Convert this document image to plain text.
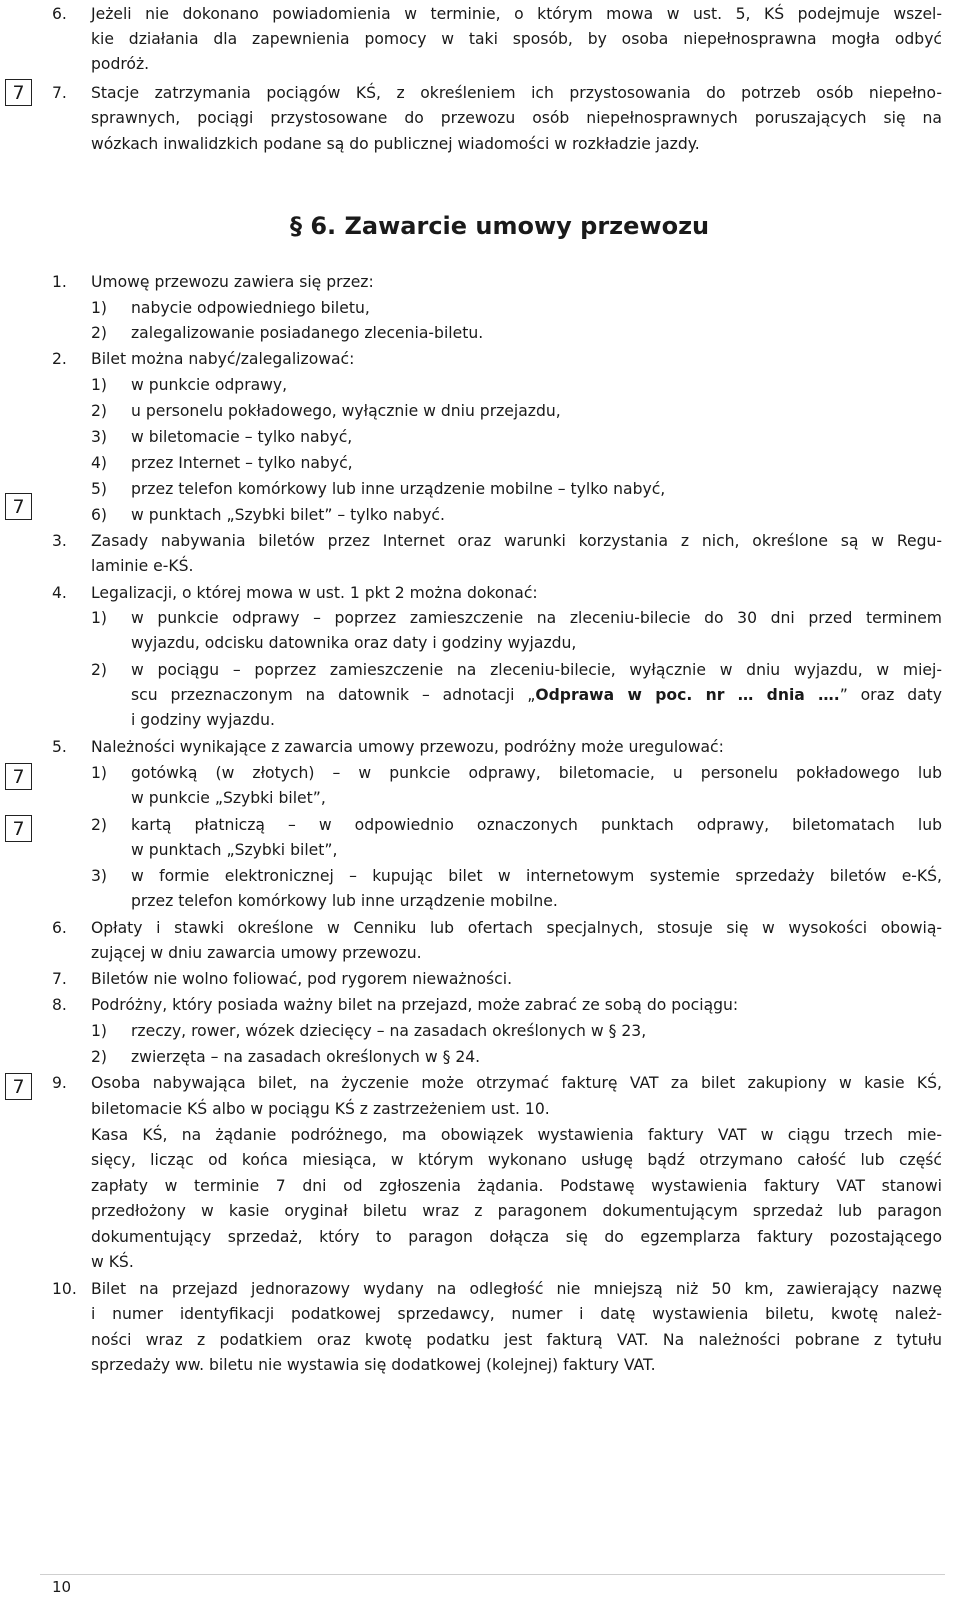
7
7
7
7
7
6. Jeżeli nie dokonano powiadomienia w terminie, o którym mowa w ust. 5, KŚ podejmuje wszel-
kie działania dla zapewnienia pomocy w taki sposób, by osoba niepełnosprawna mogła odbyć
podróż.
7. Stacje zatrzymania pociągów KŚ, z określeniem ich przystosowania do potrzeb osób niepełno-
sprawnych, pociągi przystosowane do przewozu osób niepełnosprawnych poruszających się na
wózkach inwalidzkich podane są do publicznej wiadomości w rozkładzie jazdy.
§ 6. Zawarcie umowy przewozu
1. Umowę przewozu zawiera się przez:
1) nabycie odpowiedniego biletu,
2) zalegalizowanie posiadanego zlecenia-biletu.
2. Bilet można nabyć/zalegalizować:
1) w punkcie odprawy,
2) u personelu pokładowego, wyłącznie w dniu przejazdu,
3) w biletomacie – tylko nabyć,
4) przez Internet – tylko nabyć,
5) przez telefon komórkowy lub inne urządzenie mobilne – tylko nabyć,
6) w punktach „Szybki bilet” – tylko nabyć.
3. Zasady nabywania biletów przez Internet oraz warunki korzystania z nich, określone są w Regu-
laminie e-KŚ.
4. Legalizacji, o której mowa w ust. 1 pkt 2 można dokonać:
1) w punkcie odprawy – poprzez zamieszczenie na zleceniu-bilecie do 30 dni przed terminem
wyjazdu, odcisku datownika oraz daty i godziny wyjazdu,
2) w pociągu – poprzez zamieszczenie na zleceniu-bilecie, wyłącznie w dniu wyjazdu, w miej-
scu przeznaczonym na datownik – adnotacji „Odprawa w poc. nr … dnia ….” oraz daty
i godziny wyjazdu.
5. Należności wynikające z zawarcia umowy przewozu, podróżny może uregulować:
1) gotówką (w złotych) – w punkcie odprawy, biletomacie, u personelu pokładowego lub
w punkcie „Szybki bilet”,
2) kartą płatniczą – w odpowiednio oznaczonych punktach odprawy, biletomatach lub
w punktach „Szybki bilet”,
3) w formie elektronicznej – kupując bilet w internetowym systemie sprzedaży biletów e-KŚ,
przez telefon komórkowy lub inne urządzenie mobilne.
6. Opłaty i stawki określone w Cenniku lub ofertach specjalnych, stosuje się w wysokości obowią-
zującej w dniu zawarcia umowy przewozu.
7. Biletów nie wolno foliować, pod rygorem nieważności.
8. Podróżny, który posiada ważny bilet na przejazd, może zabrać ze sobą do pociągu:
1) rzeczy, rower, wózek dziecięcy – na zasadach określonych w § 23,
2) zwierzęta – na zasadach określonych w § 24.
9. Osoba nabywająca bilet, na życzenie może otrzymać fakturę VAT za bilet zakupiony w kasie KŚ,
biletomacie KŚ albo w pociągu KŚ z zastrzeżeniem ust. 10.
Kasa KŚ, na żądanie podróżnego, ma obowiązek wystawienia faktury VAT w ciągu trzech mie-
sięcy, licząc od końca miesiąca, w którym wykonano usługę bądź otrzymano całość lub część
zapłaty w terminie 7 dni od zgłoszenia żądania. Podstawę wystawienia faktury VAT stanowi
przedłożony w kasie oryginał biletu wraz z paragonem dokumentującym sprzedaż lub paragon
dokumentujący sprzedaż, który to paragon dołącza się do egzemplarza faktury pozostającego
w KŚ.
10. Bilet na przejazd jednorazowy wydany na odległość nie mniejszą niż 50 km, zawierający nazwę
i numer identyfikacji podatkowej sprzedawcy, numer i datę wystawienia biletu, kwotę należ-
ności wraz z podatkiem oraz kwotę podatku jest fakturą VAT. Na należności pobrane z tytułu
sprzedaży ww. biletu nie wystawia się dodatkowej (kolejnej) faktury VAT.
10
